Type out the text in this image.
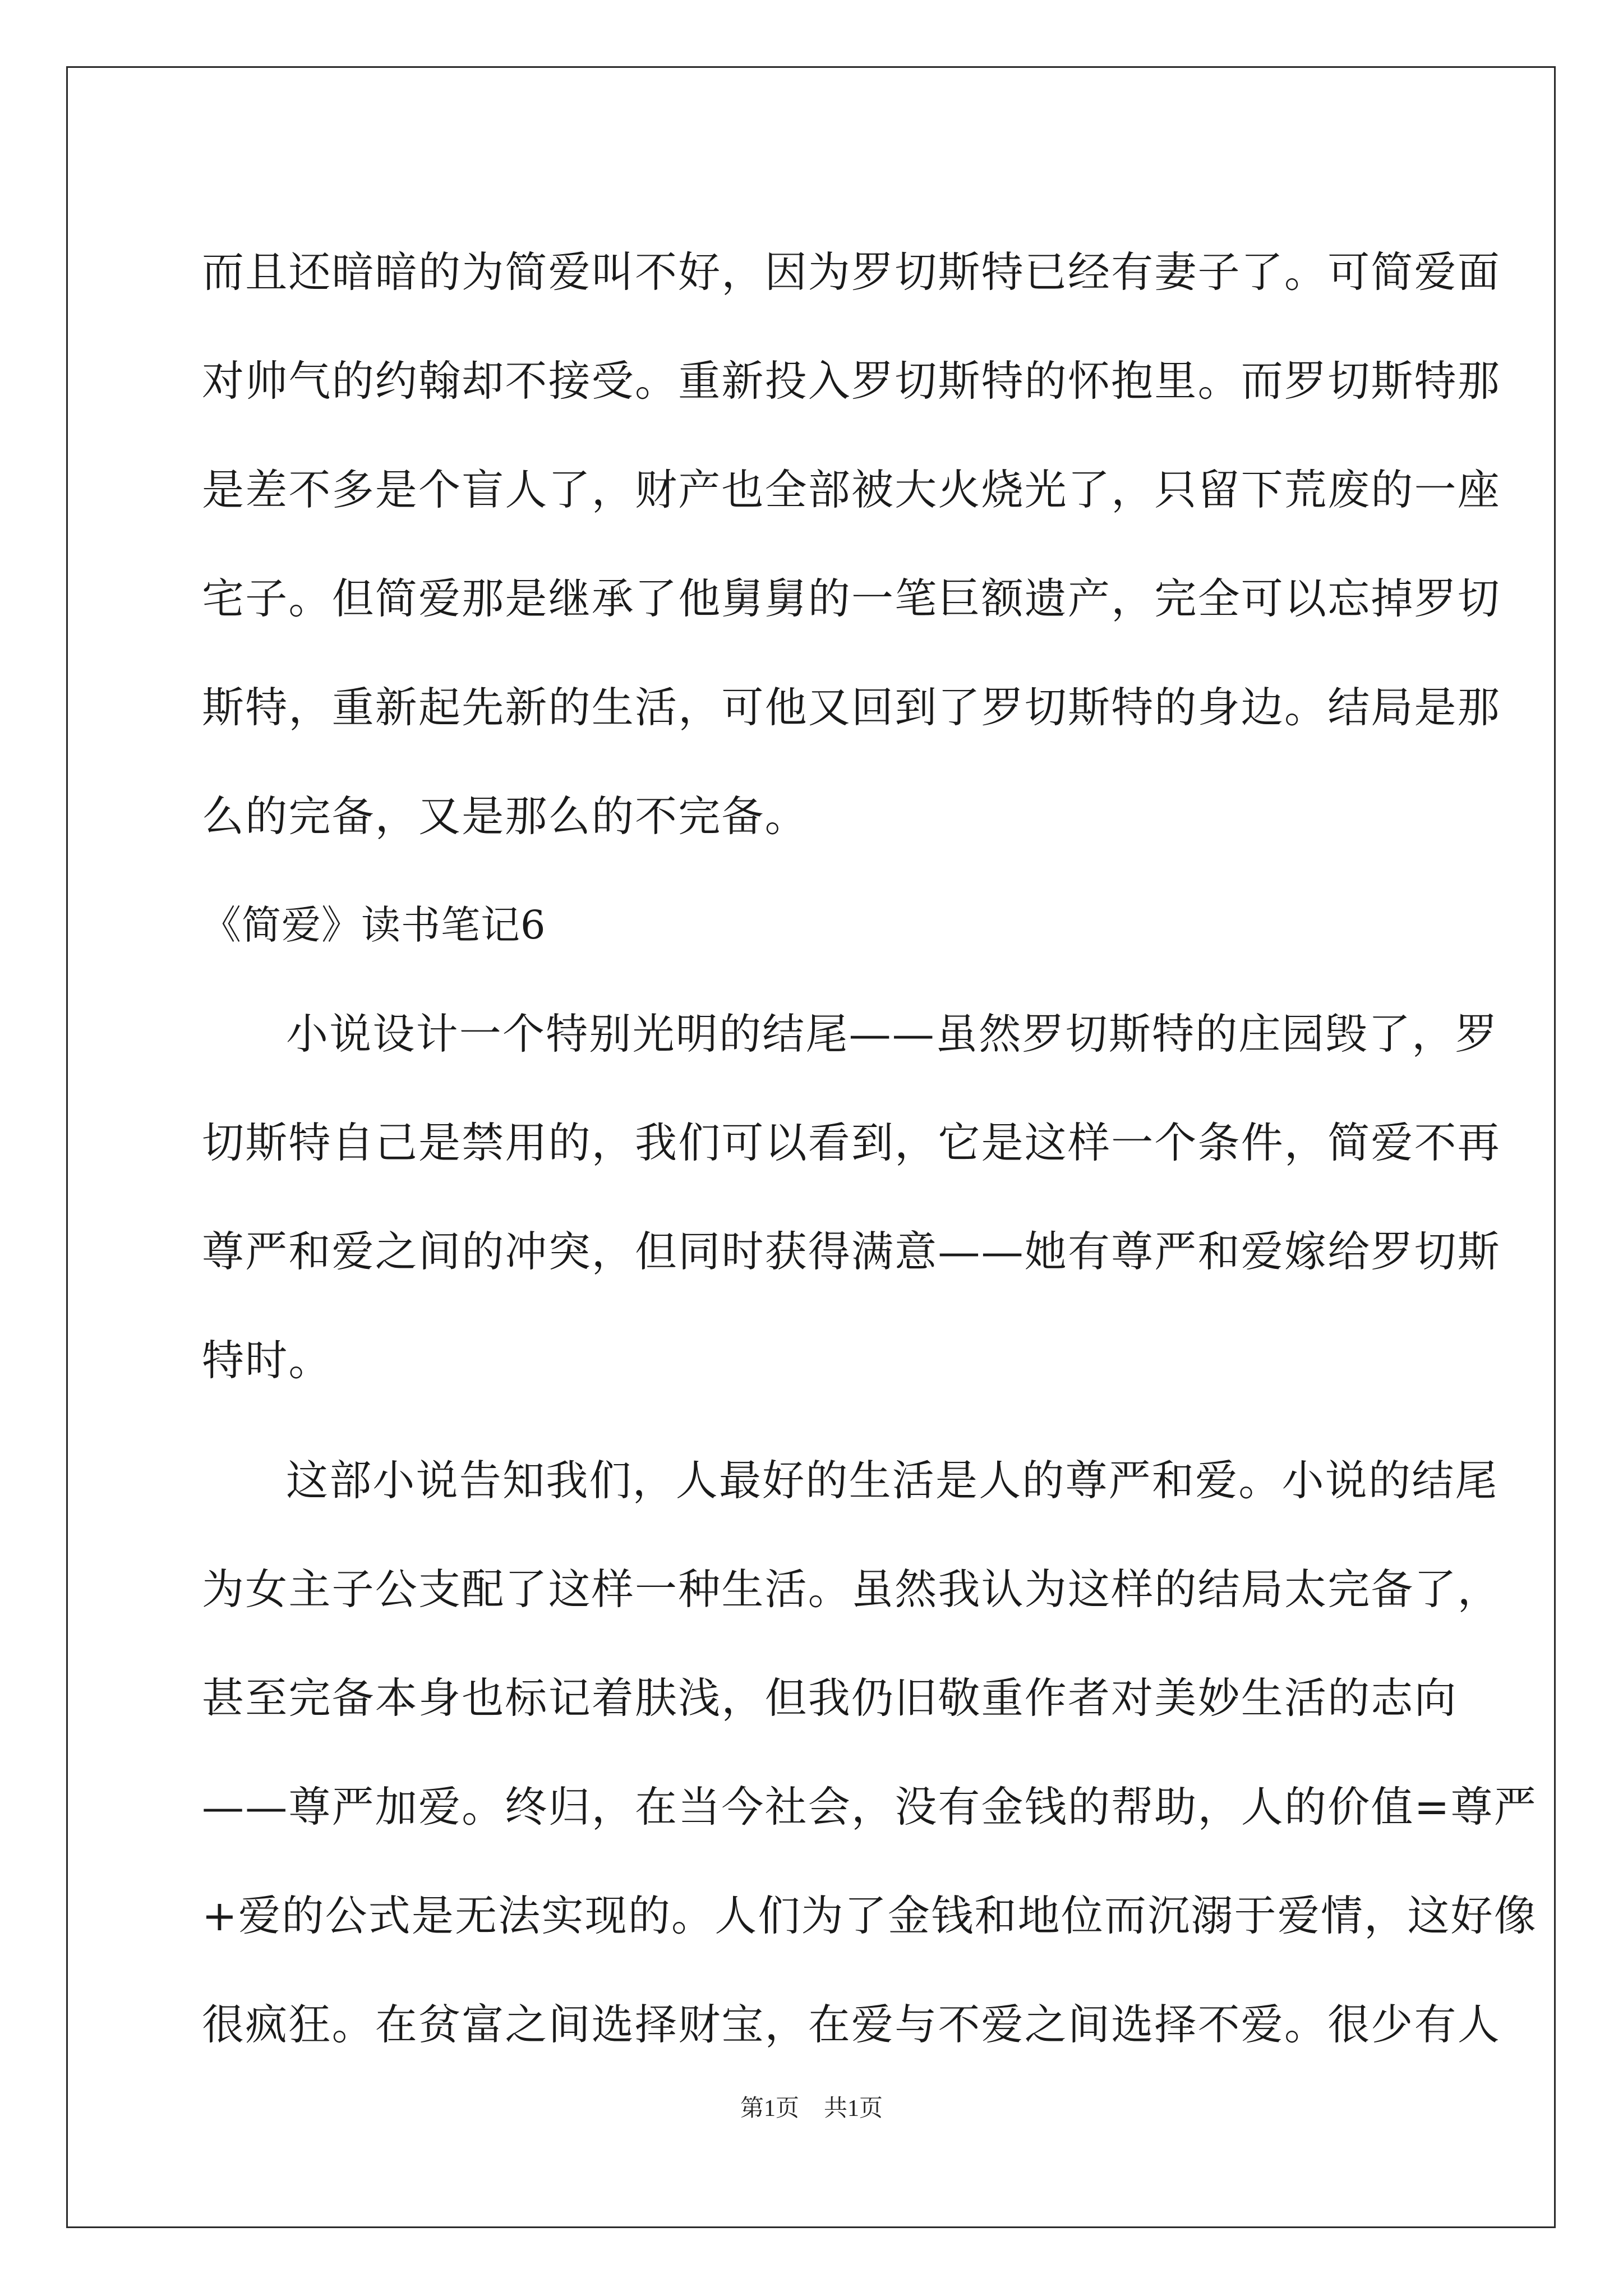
而且还暗暗的为简爱叫不好，因为罗切斯特已经有妻子了。可简爱面
对帅气的约翰却不接受。重新投入罗切斯特的怀抱里。而罗切斯特那
是差不多是个盲人了，财产也全部被大火烧光了，只留下荒废的一座
宅子。但简爱那是继承了他舅舅的一笔巨额遗产，完全可以忘掉罗切
斯特，重新起先新的生活，可他又回到了罗切斯特的身边。结局是那
么的完备，又是那么的不完备。
《简爱》读书笔记6
小说设计一个特别光明的结尾——虽然罗切斯特的庄园毁了，罗
切斯特自己是禁用的，我们可以看到，它是这样一个条件，简爱不再
尊严和爱之间的冲突，但同时获得满意——她有尊严和爱嫁给罗切斯
特时。
这部小说告知我们，人最好的生活是人的尊严和爱。小说的结尾
为女主子公支配了这样一种生活。虽然我认为这样的结局太完备了，
甚至完备本身也标记着肤浅，但我仍旧敬重作者对美妙生活的志向
——尊严加爱。终归，在当今社会，没有金钱的帮助，人的价值=尊严
+爱的公式是无法实现的。人们为了金钱和地位而沉溺于爱情，这好像
很疯狂。在贫富之间选择财宝，在爱与不爱之间选择不爱。很少有人
第1页 共1页
